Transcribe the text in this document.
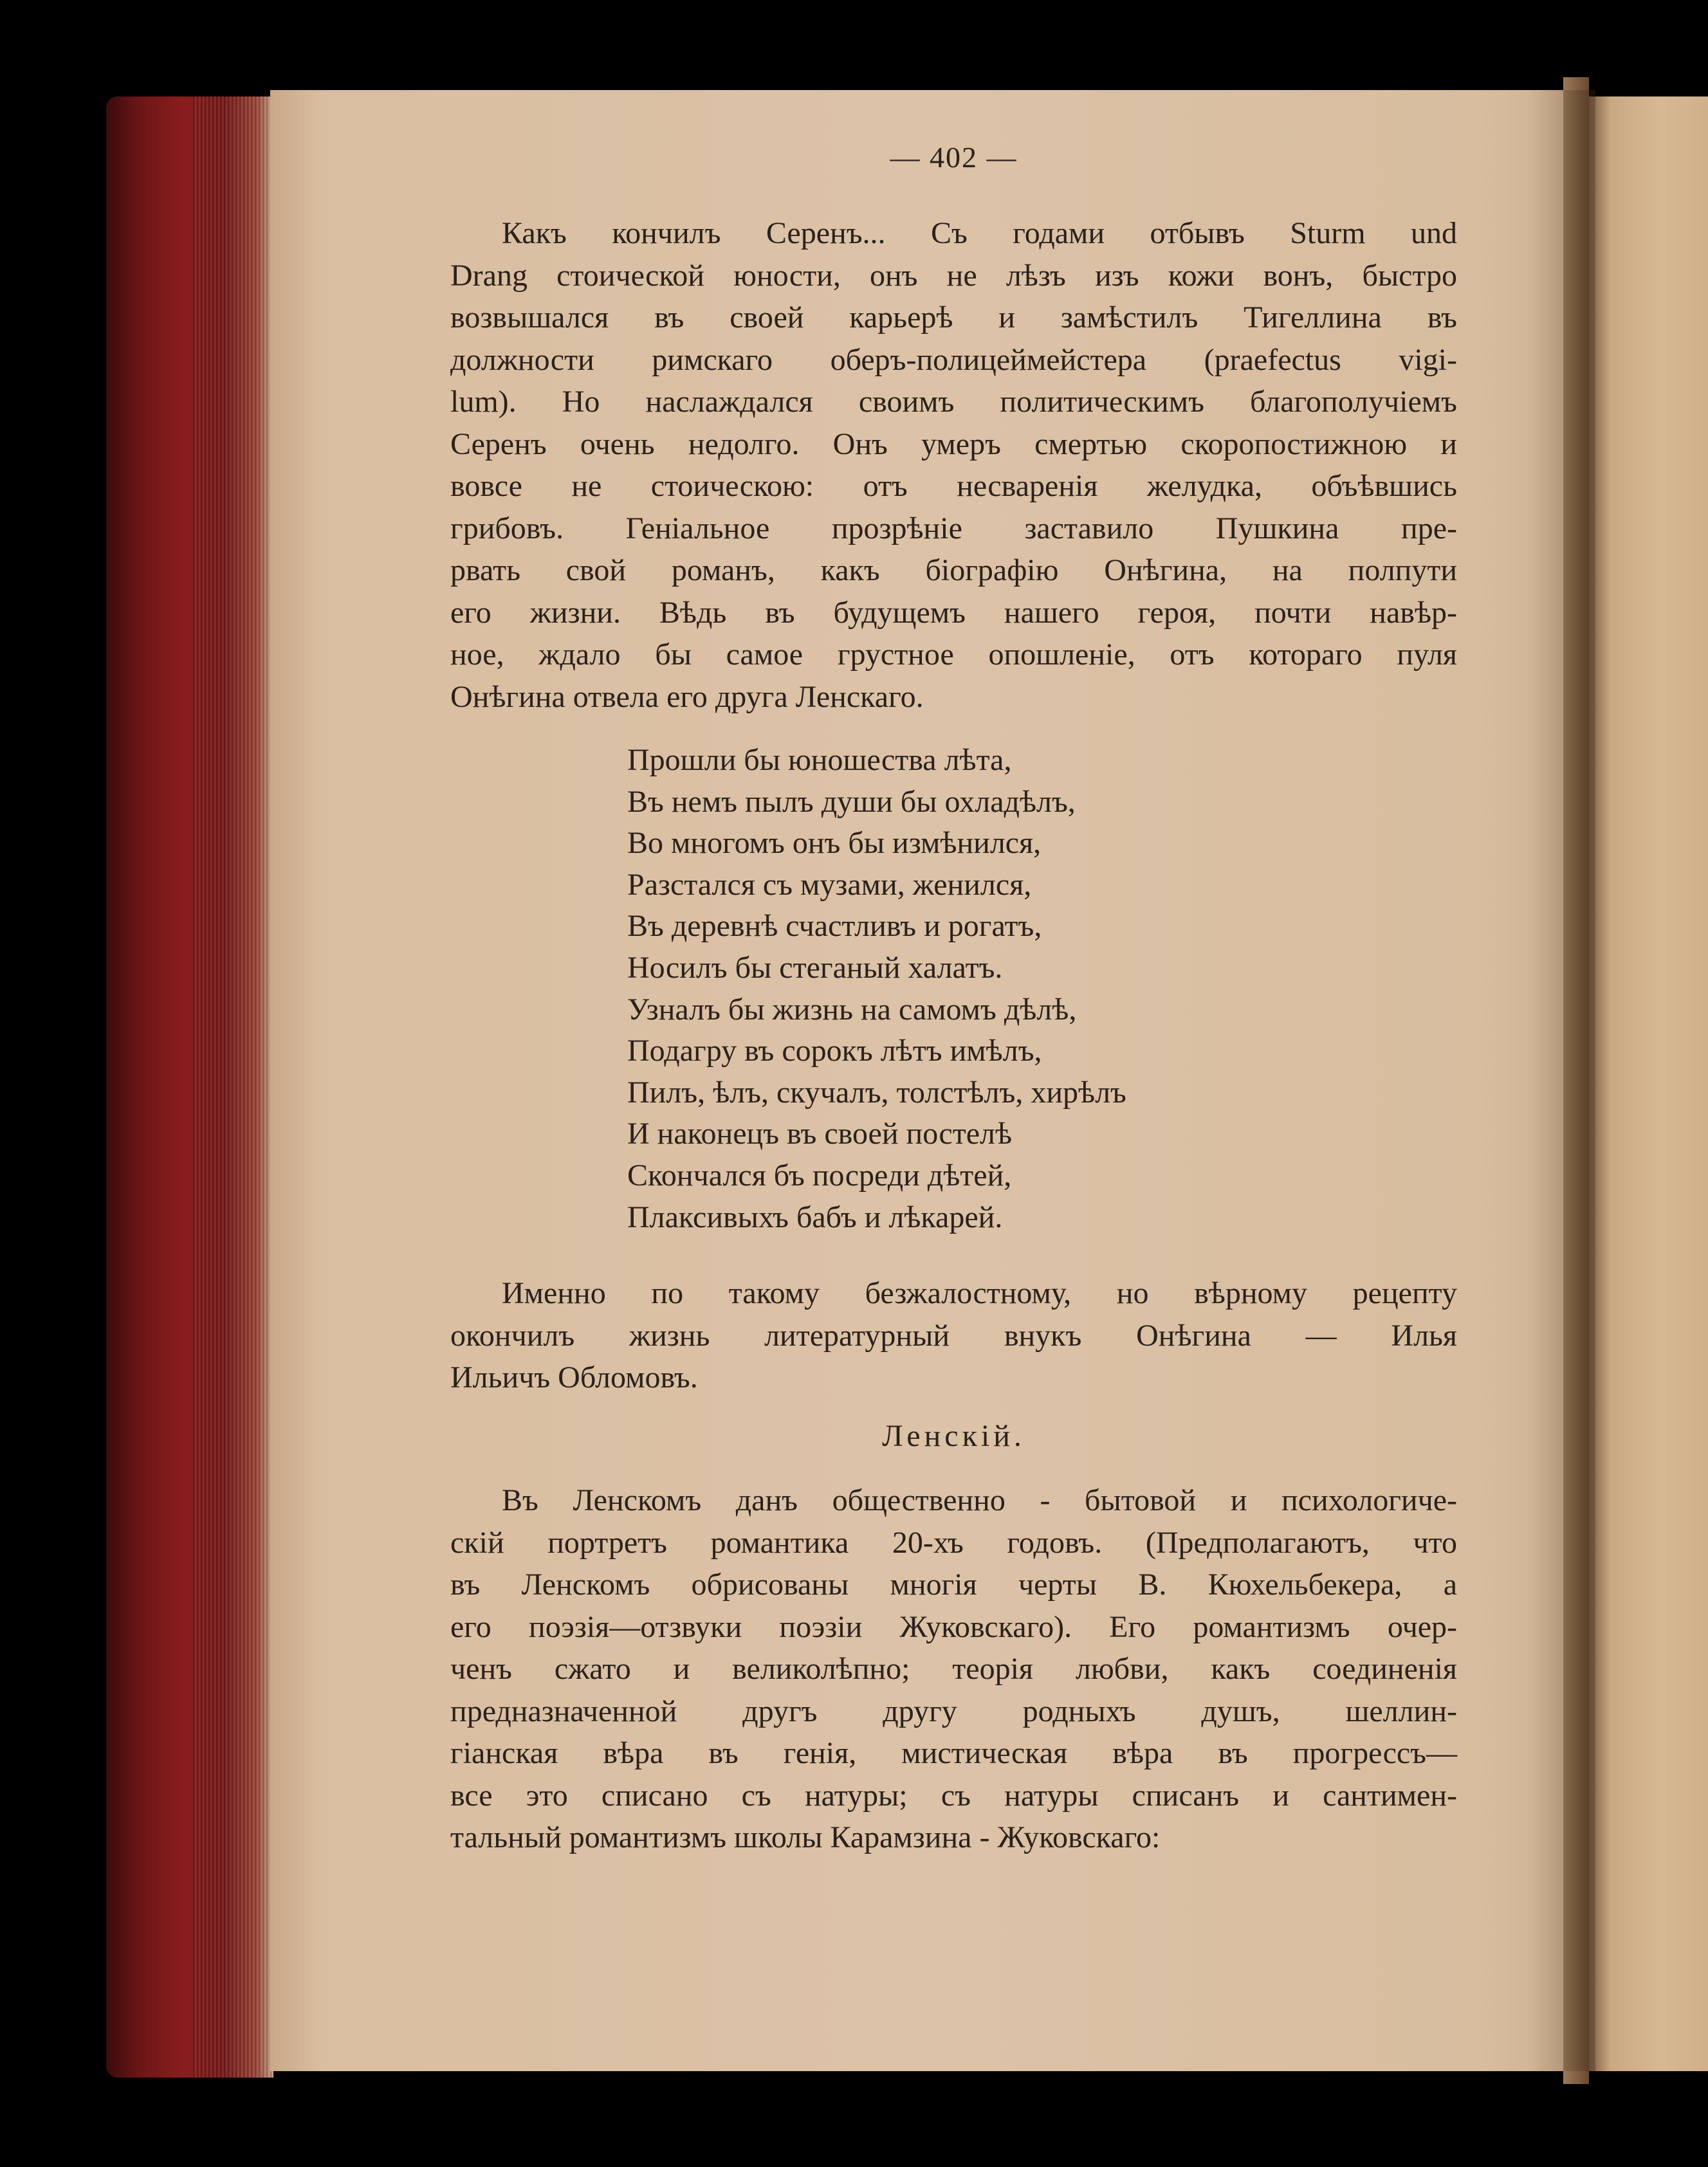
— 402 —
Какъ кончилъ Серенъ... Съ годами отбывъ Sturm und
Drang стоической юности, онъ не лѣзъ изъ кожи вонъ, быстро
возвышался въ своей карьерѣ и замѣстилъ Тигеллина въ
должности римскаго оберъ-полицеймейстера (praefectus vigi-
lum). Но наслаждался своимъ политическимъ благополучіемъ
Серенъ очень недолго. Онъ умеръ смертью скоропостижною и
вовсе не стоическою: отъ несваренія желудка, объѣвшись
грибовъ. Геніальное прозрѣніе заставило Пушкина пре-
рвать свой романъ, какъ біографію Онѣгина, на полпути
его жизни. Вѣдь въ будущемъ нашего героя, почти навѣр-
ное, ждало бы самое грустное опошленіе, отъ котораго пуля
Онѣгина отвела его друга Ленскаго.
Прошли бы юношества лѣта,
Въ немъ пылъ души бы охладѣлъ,
Во многомъ онъ бы измѣнился,
Разстался съ музами, женился,
Въ деревнѣ счастливъ и рогатъ,
Носилъ бы стеганый халатъ.
Узналъ бы жизнь на самомъ дѣлѣ,
Подагру въ сорокъ лѣтъ имѣлъ,
Пилъ, ѣлъ, скучалъ, толстѣлъ, хирѣлъ
И наконецъ въ своей постелѣ
Скончался бъ посреди дѣтей,
Плаксивыхъ бабъ и лѣкарей.
Именно по такому безжалостному, но вѣрному рецепту
окончилъ жизнь литературный внукъ Онѣгина — Илья
Ильичъ Обломовъ.
Ленскій.
Въ Ленскомъ данъ общественно - бытовой и психологиче-
скій портретъ романтика 20-хъ годовъ. (Предполагаютъ, что
въ Ленскомъ обрисованы многія черты В. Кюхельбекера, а
его поэзія—отзвуки поэзіи Жуковскаго). Его романтизмъ очер-
ченъ сжато и великолѣпно; теорія любви, какъ соединенія
предназначенной другъ другу родныхъ душъ, шеллин-
гіанская вѣра въ генія, мистическая вѣра въ прогрессъ—
все это списано съ натуры; съ натуры списанъ и сантимен-
тальный романтизмъ школы Карамзина - Жуковскаго:
